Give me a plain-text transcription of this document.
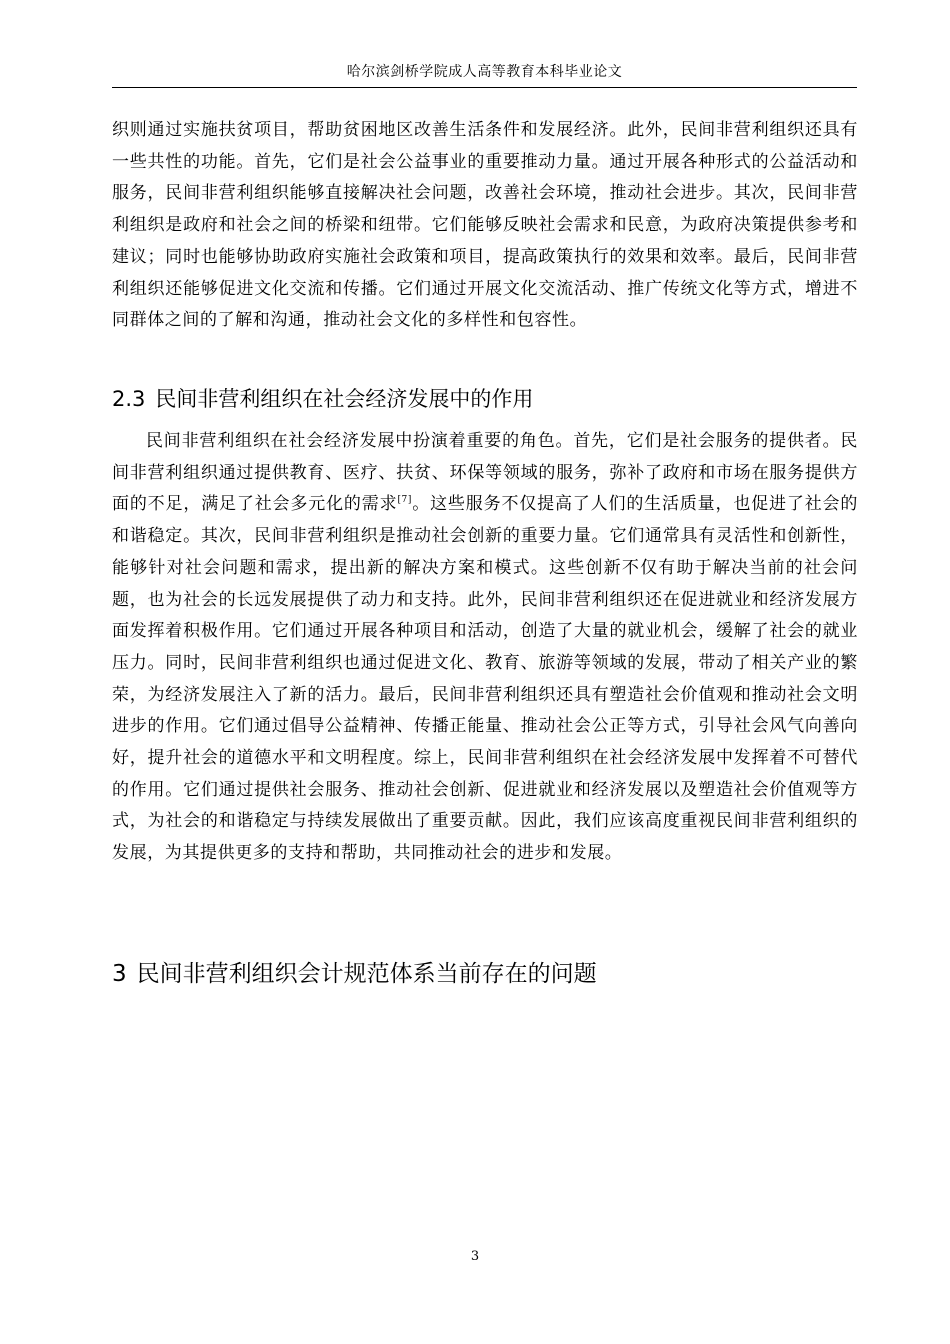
哈尔滨剑桥学院成人高等教育本科毕业论文

织则通过实施扶贫项目，帮助贫困地区改善生活条件和发展经济。此外，民间非营利组织还具有一些共性的功能。首先，它们是社会公益事业的重要推动力量。通过开展各种形式的公益活动和服务，民间非营利组织能够直接解决社会问题，改善社会环境，推动社会进步。其次，民间非营利组织是政府和社会之间的桥梁和纽带。它们能够反映社会需求和民意，为政府决策提供参考和建议；同时也能够协助政府实施社会政策和项目，提高政策执行的效果和效率。最后，民间非营利组织还能够促进文化交流和传播。它们通过开展文化交流活动、推广传统文化等方式，增进不同群体之间的了解和沟通，推动社会文化的多样性和包容性。

2.3 民间非营利组织在社会经济发展中的作用

民间非营利组织在社会经济发展中扮演着重要的角色。首先，它们是社会服务的提供者。民间非营利组织通过提供教育、医疗、扶贫、环保等领域的服务，弥补了政府和市场在服务提供方面的不足，满足了社会多元化的需求[7]。这些服务不仅提高了人们的生活质量，也促进了社会的和谐稳定。其次，民间非营利组织是推动社会创新的重要力量。它们通常具有灵活性和创新性，能够针对社会问题和需求，提出新的解决方案和模式。这些创新不仅有助于解决当前的社会问题，也为社会的长远发展提供了动力和支持。此外，民间非营利组织还在促进就业和经济发展方面发挥着积极作用。它们通过开展各种项目和活动，创造了大量的就业机会，缓解了社会的就业压力。同时，民间非营利组织也通过促进文化、教育、旅游等领域的发展，带动了相关产业的繁荣，为经济发展注入了新的活力。最后，民间非营利组织还具有塑造社会价值观和推动社会文明进步的作用。它们通过倡导公益精神、传播正能量、推动社会公正等方式，引导社会风气向善向好，提升社会的道德水平和文明程度。综上，民间非营利组织在社会经济发展中发挥着不可替代的作用。它们通过提供社会服务、推动社会创新、促进就业和经济发展以及塑造社会价值观等方式，为社会的和谐稳定与持续发展做出了重要贡献。因此，我们应该高度重视民间非营利组织的发展，为其提供更多的支持和帮助，共同推动社会的进步和发展。

3 民间非营利组织会计规范体系当前存在的问题
3
